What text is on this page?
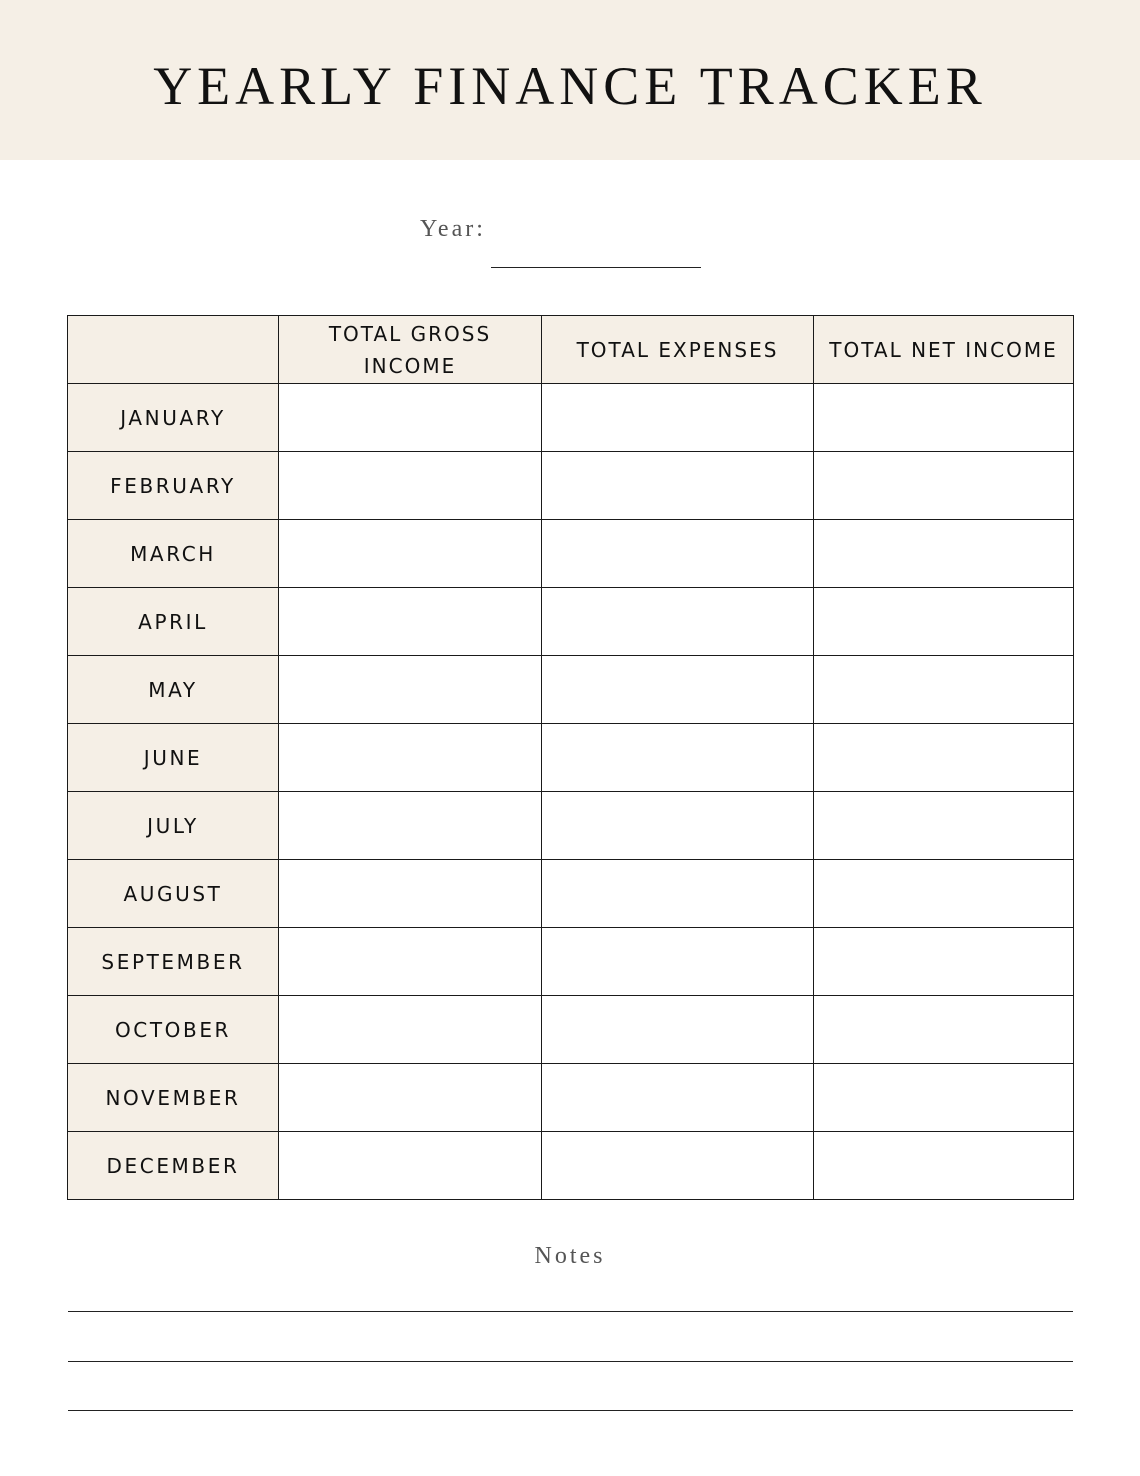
YEARLY FINANCE TRACKER
Year:
	TOTAL GROSS INCOME	TOTAL EXPENSES	TOTAL NET INCOME
JANUARY			
FEBRUARY			
MARCH			
APRIL			
MAY			
JUNE			
JULY			
AUGUST			
SEPTEMBER			
OCTOBER			
NOVEMBER			
DECEMBER			
Notes
